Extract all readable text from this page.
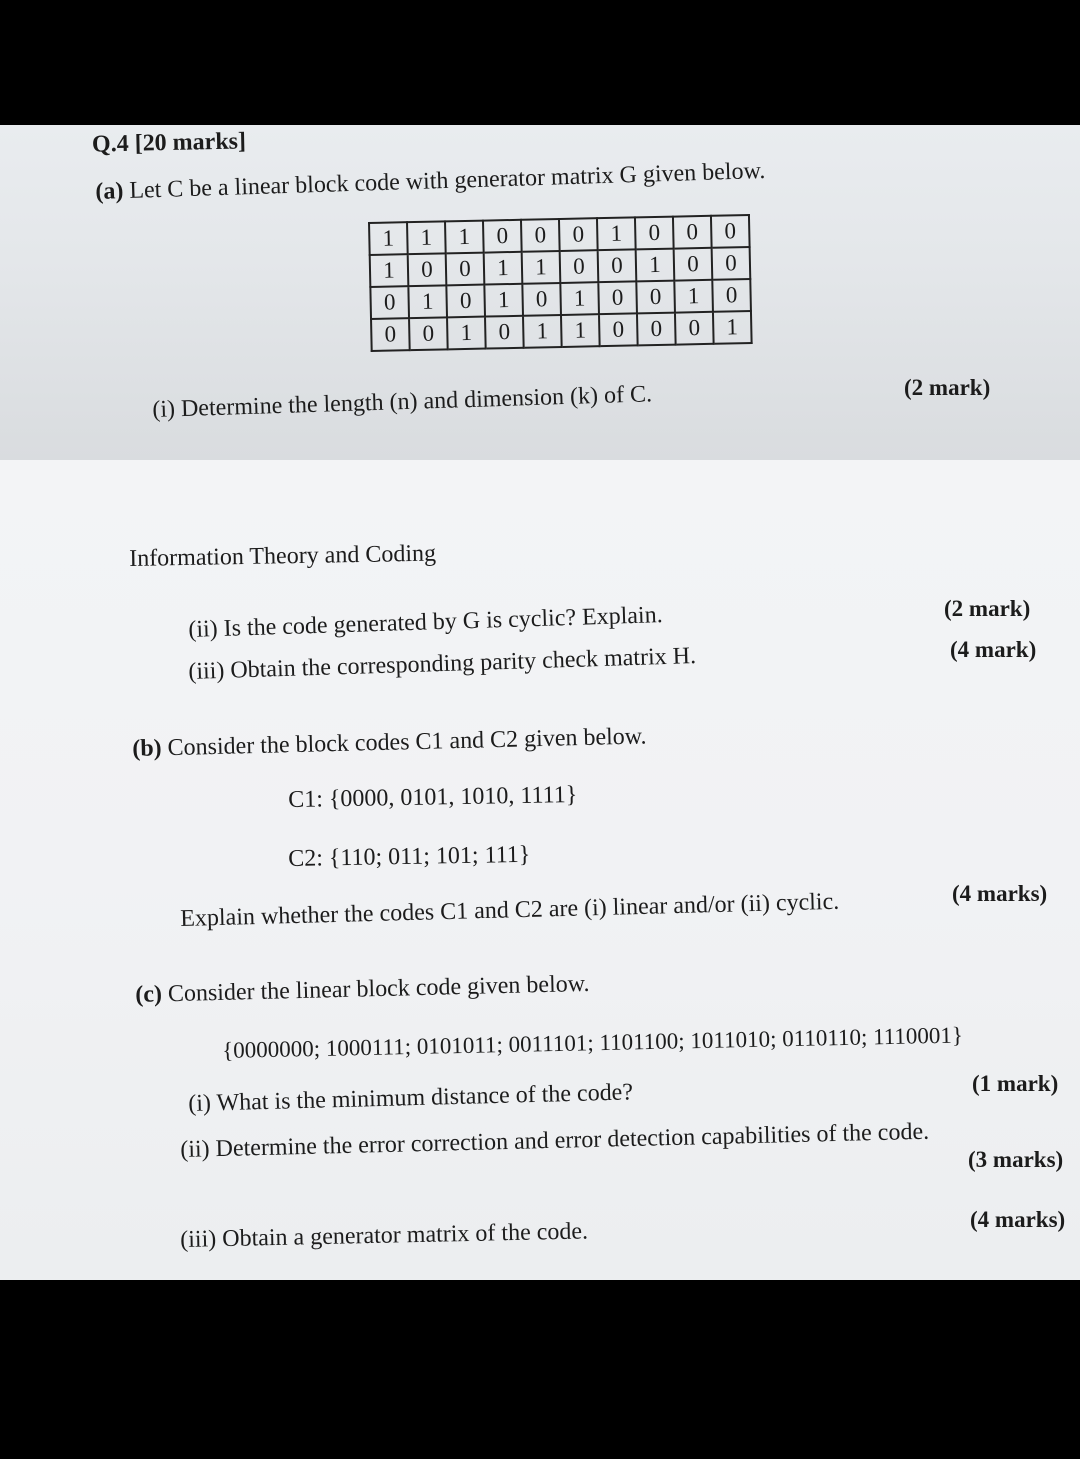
Q.4 [20 marks]
(a) Let C be a linear block code with generator matrix G given below.
1	1	1	0	0	0	1	0	0	0
1	0	0	1	1	0	0	1	0	0
0	1	0	1	0	1	0	0	1	0
0	0	1	0	1	1	0	0	0	1
(i) Determine the length (n) and dimension (k) of C.	(2 mark)
Information Theory and Coding
(ii) Is the code generated by G is cyclic? Explain.	(2 mark)
(iii) Obtain the corresponding parity check matrix H.	(4 mark)
(b) Consider the block codes C1 and C2 given below.
C1: {0000, 0101, 1010, 1111}
C2: {110; 011; 101; 111}
Explain whether the codes C1 and C2 are (i) linear and/or (ii) cyclic.	(4 marks)
(c) Consider the linear block code given below.
{0000000; 1000111; 0101011; 0011101; 1101100; 1011010; 0110110; 1110001}
(i) What is the minimum distance of the code?	(1 mark)
(ii) Determine the error correction and error detection capabilities of the code. (3 marks)
(iii) Obtain a generator matrix of the code.	(4 marks)
